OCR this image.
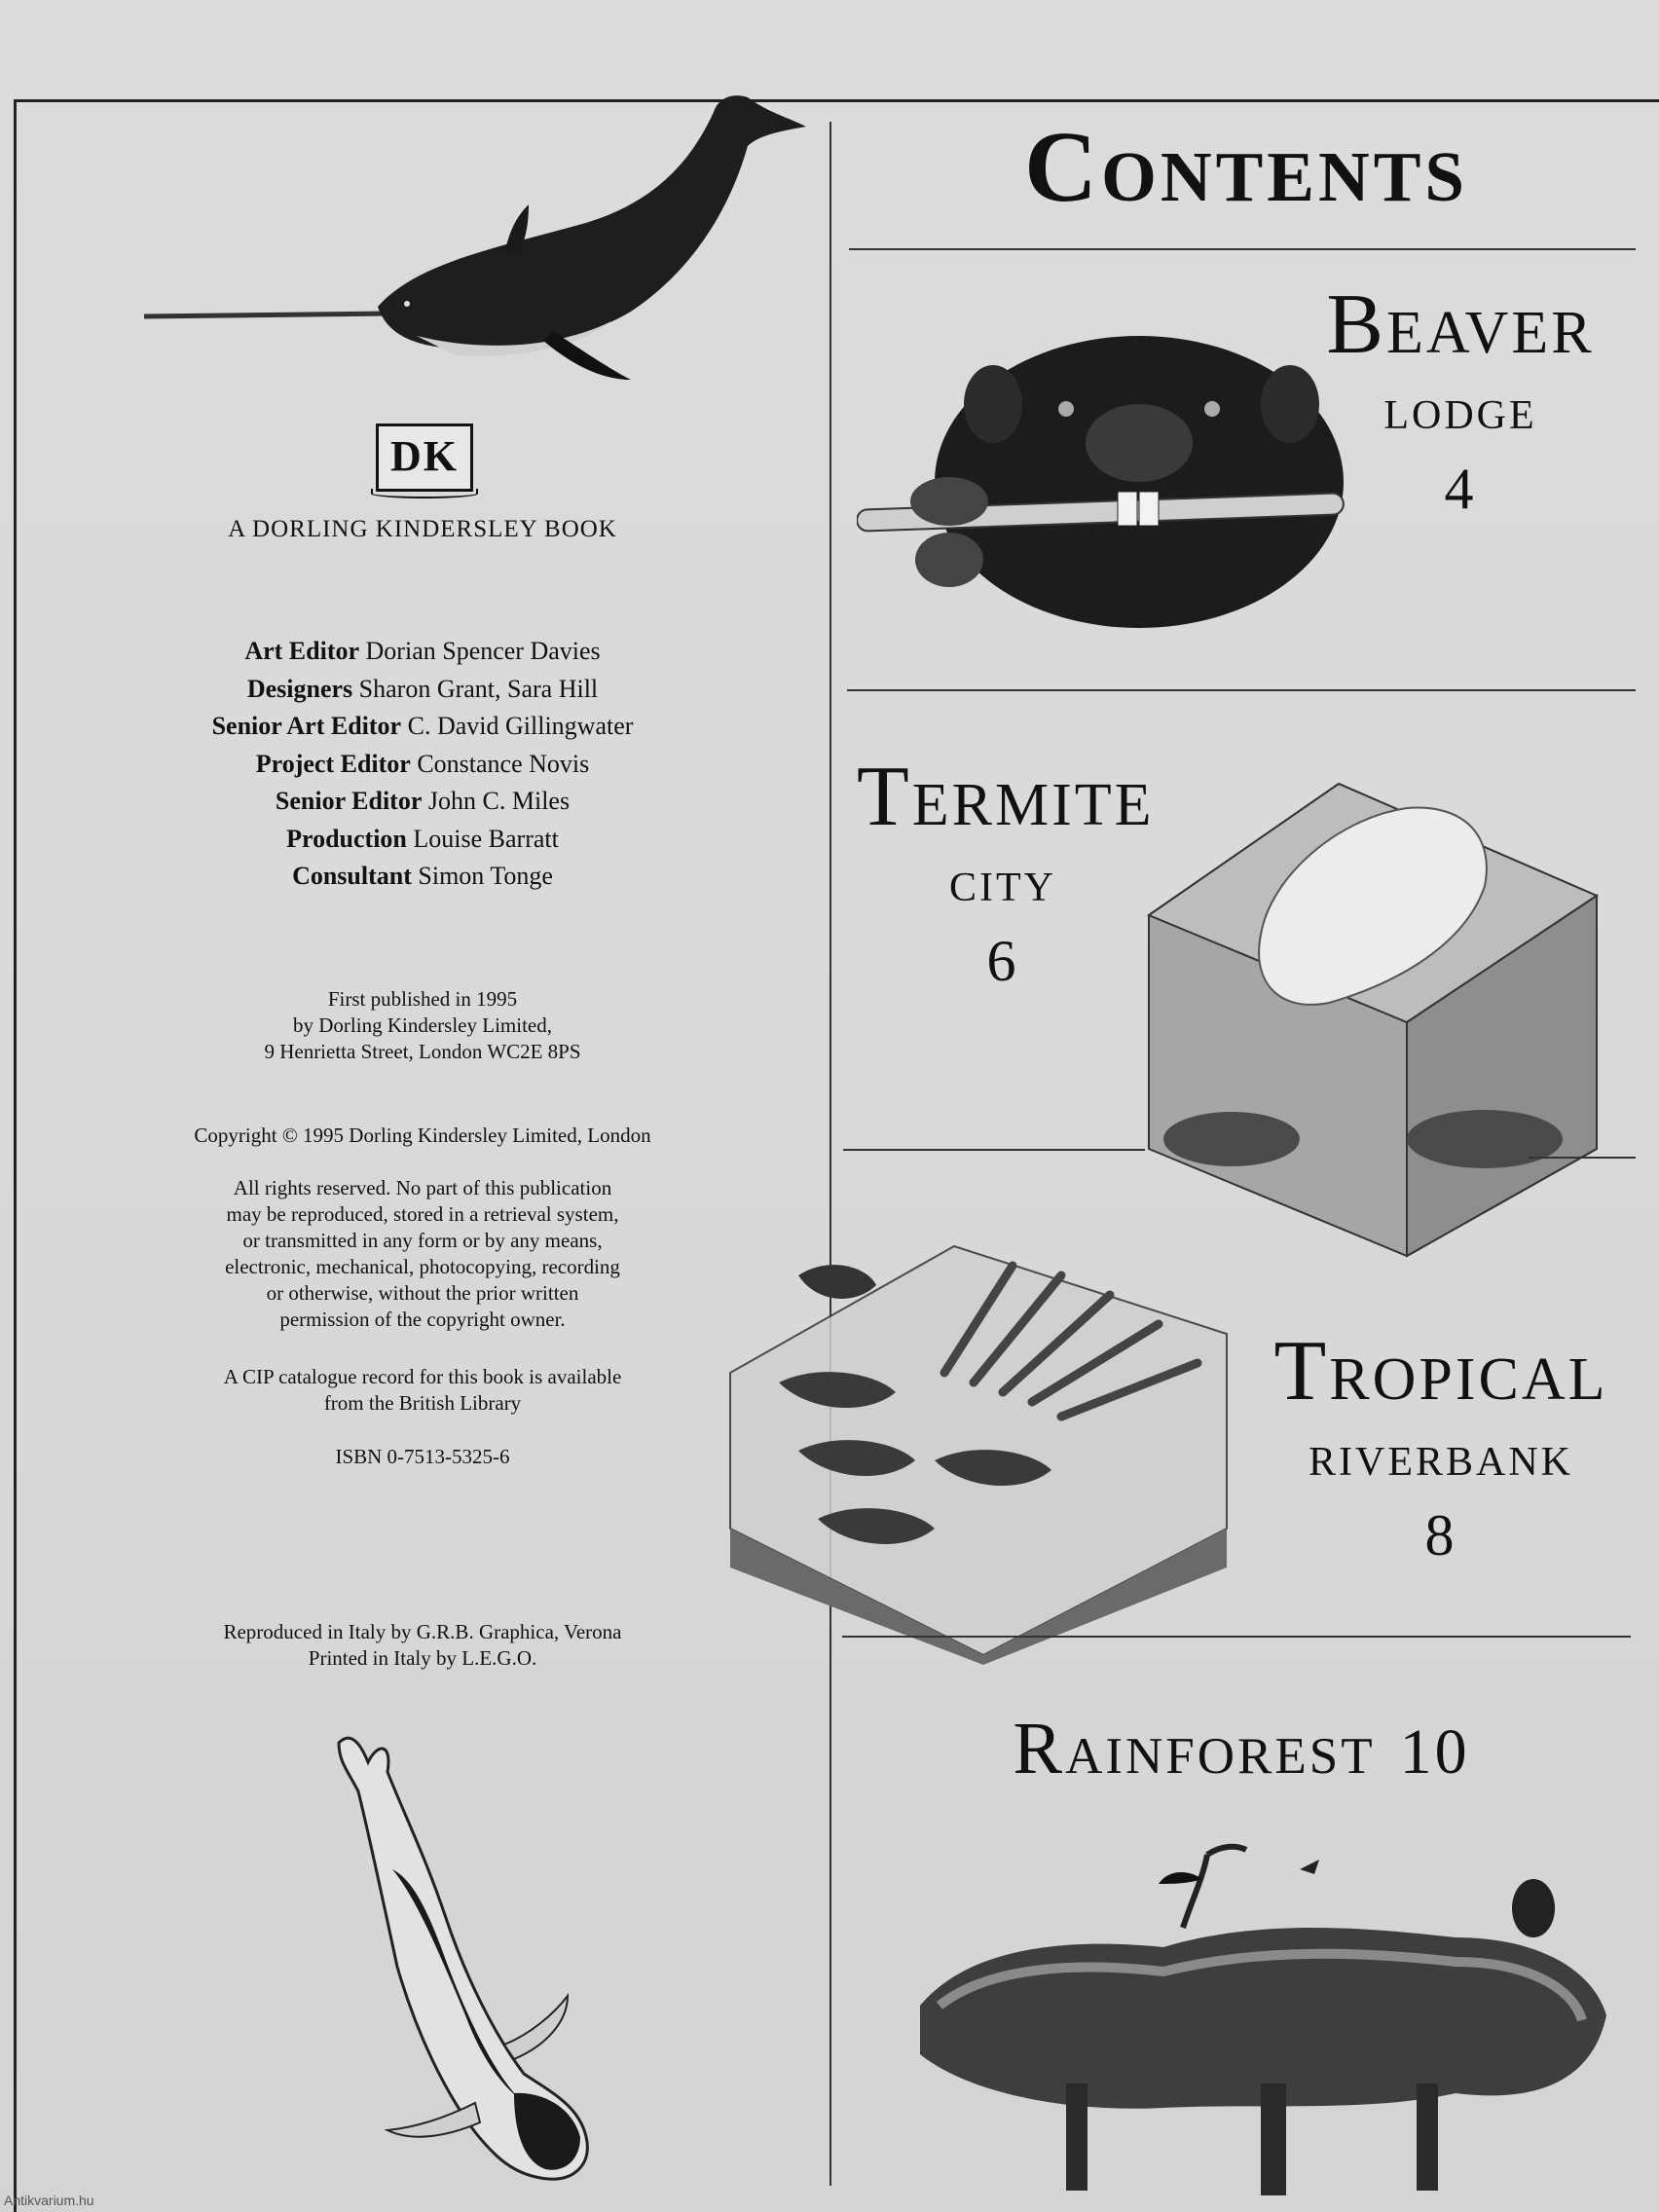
DK
A DORLING KINDERSLEY BOOK
Art Editor Dorian Spencer Davies
Designers Sharon Grant, Sara Hill
Senior Art Editor C. David Gillingwater
Project Editor Constance Novis
Senior Editor John C. Miles
Production Louise Barratt
Consultant Simon Tonge
First published in 1995
by Dorling Kindersley Limited,
9 Henrietta Street, London WC2E 8PS
Copyright © 1995 Dorling Kindersley Limited, London
All rights reserved. No part of this publication
may be reproduced, stored in a retrieval system,
or transmitted in any form or by any means,
electronic, mechanical, photocopying, recording
or otherwise, without the prior written
permission of the copyright owner.
A CIP catalogue record for this book is available
from the British Library
ISBN 0-7513-5325-6
Reproduced in Italy by G.R.B. Graphica, Verona
Printed in Italy by L.E.G.O.
Contents
Beaver
lodge
4
Termite
city
6
Tropical
riverbank
8
Rainforest 10
Antikvarium.hu
